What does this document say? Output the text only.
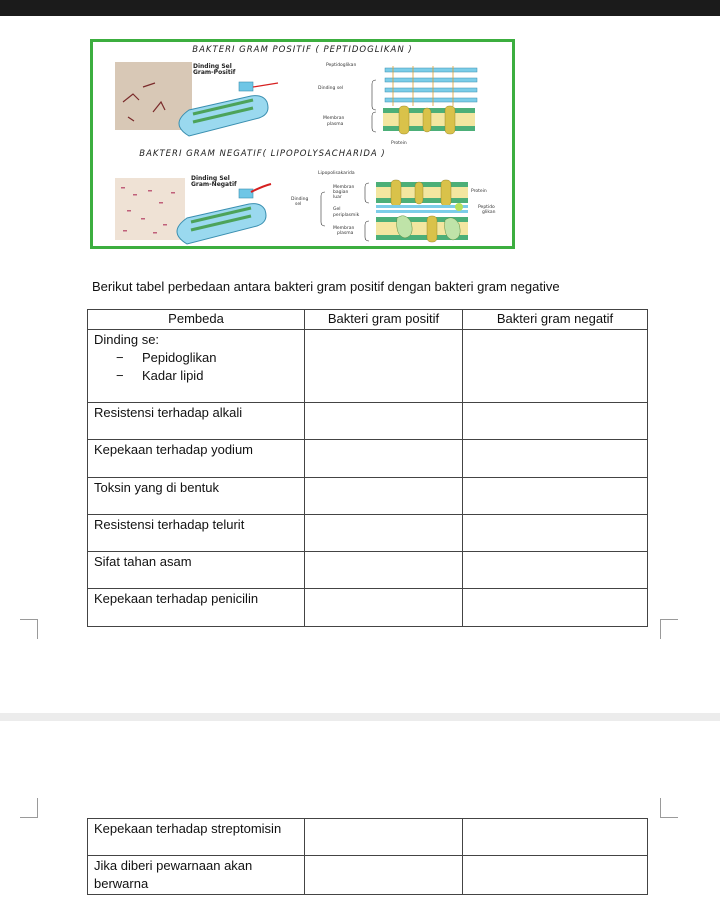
BAKTERI GRAM POSITIF ( PEPTIDOGLIKAN )
BAKTERI GRAM NEGATIF( LIPOPOLYSACHARIDA )
Dinding Sel
Gram-Positif
Dinding Sel
Gram-Negatif
Peptidoglikan
Dinding sel
Membran
plasma
Protein
Lipopolisakarida
Membran
bagian
luar
Dinding
sel
Gel
periplasmik
Membran
plasma
Protein
Peptido
glikan
Berikut tabel perbedaan antara bakteri gram positif dengan bakteri gram negative
Pembeda	Bakteri gram positif	Bakteri gram negatif

Dinding se:
− Pepidoglikan
− Kadar lipid		

Resistensi terhadap alkali		
Kepekaan terhadap yodium		
Toksin yang di bentuk		
Resistensi terhadap telurit		
Sifat tahan asam		
Kepekaan terhadap penicilin		
Kepekaan terhadap streptomisin		
Jika diberi pewarnaan akan berwarna		
